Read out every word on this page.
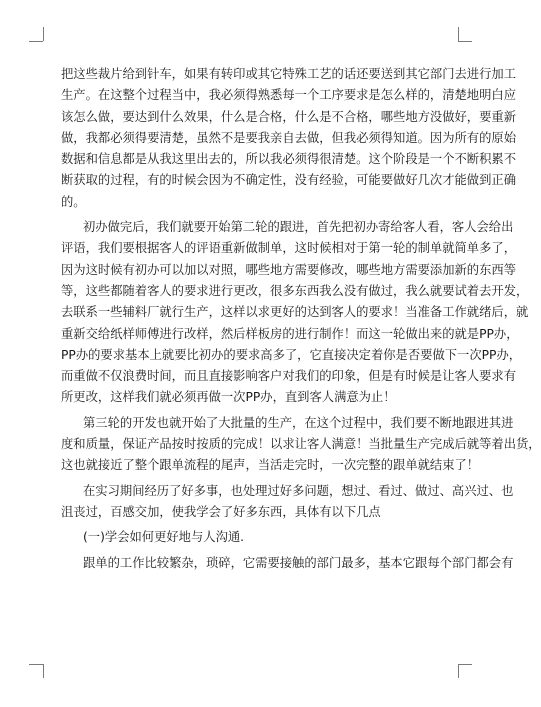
把这些裁片给到针车，如果有转印或其它特殊工艺的话还要送到其它部门去进行加工
生产。在这整个过程当中，我必须得熟悉每一个工序要求是怎么样的，清楚地明白应
该怎么做，要达到什么效果，什么是合格，什么是不合格，哪些地方没做好，要重新
做，我都必须得要清楚，虽然不是要我亲自去做，但我必须得知道。因为所有的原始
数据和信息都是从我这里出去的，所以我必须得很清楚。这个阶段是一个不断积累不
断获取的过程，有的时候会因为不确定性，没有经验，可能要做好几次才能做到正确
的。
初办做完后，我们就要开始第二轮的跟进，首先把初办寄给客人看，客人会给出
评语，我们要根据客人的评语重新做制单，这时候相对于第一轮的制单就简单多了，
因为这时候有初办可以加以对照，哪些地方需要修改，哪些地方需要添加新的东西等
等，这些都随着客人的要求进行更改，很多东西我么没有做过，我么就要试着去开发，
去联系一些辅料厂就行生产，这样以求更好的达到客人的要求！当准备工作就绪后，就
重新交给纸样师傅进行改样，然后样板房的进行制作！而这一轮做出来的就是PP办，
PP办的要求基本上就要比初办的要求高多了，它直接决定着你是否要做下一次PP办，
而重做不仅浪费时间，而且直接影响客户对我们的印象，但是有时候是让客人要求有
所更改，这样我们就必须再做一次PP办，直到客人满意为止！
第三轮的开发也就开始了大批量的生产，在这个过程中，我们要不断地跟进其进
度和质量，保证产品按时按质的完成！以求让客人满意！当批量生产完成后就等着出货，
这也就接近了整个跟单流程的尾声，当活走完时，一次完整的跟单就结束了！
在实习期间经历了好多事，也处理过好多问题，想过、看过、做过、高兴过、也
沮丧过，百感交加，使我学会了好多东西，具体有以下几点
(一)学会如何更好地与人沟通.
跟单的工作比较繁杂，琐碎，它需要接触的部门最多，基本它跟每个部门都会有
